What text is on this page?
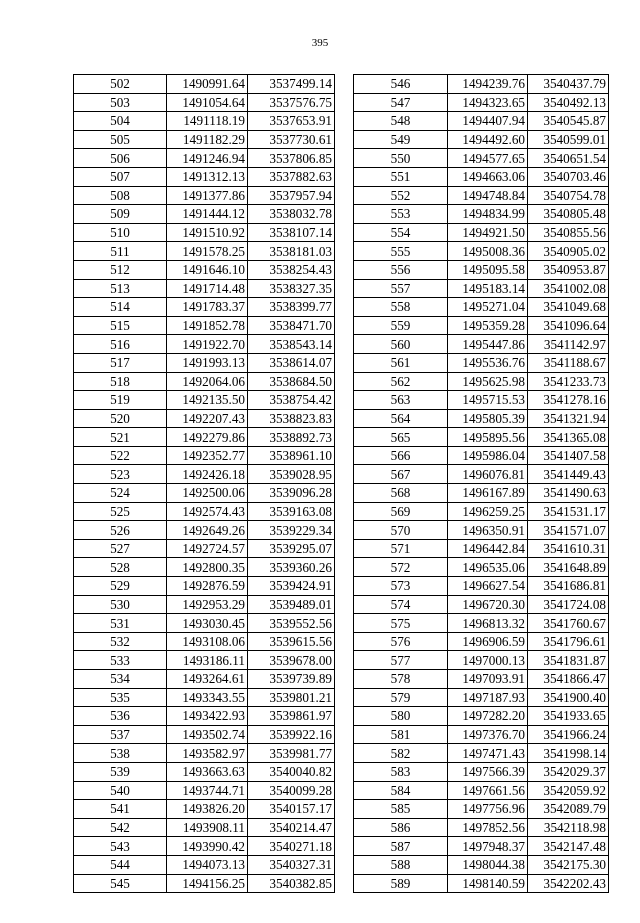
395
502	1490991.64	3537499.14
503	1491054.64	3537576.75
504	1491118.19	3537653.91
505	1491182.29	3537730.61
506	1491246.94	3537806.85
507	1491312.13	3537882.63
508	1491377.86	3537957.94
509	1491444.12	3538032.78
510	1491510.92	3538107.14
511	1491578.25	3538181.03
512	1491646.10	3538254.43
513	1491714.48	3538327.35
514	1491783.37	3538399.77
515	1491852.78	3538471.70
516	1491922.70	3538543.14
517	1491993.13	3538614.07
518	1492064.06	3538684.50
519	1492135.50	3538754.42
520	1492207.43	3538823.83
521	1492279.86	3538892.73
522	1492352.77	3538961.10
523	1492426.18	3539028.95
524	1492500.06	3539096.28
525	1492574.43	3539163.08
526	1492649.26	3539229.34
527	1492724.57	3539295.07
528	1492800.35	3539360.26
529	1492876.59	3539424.91
530	1492953.29	3539489.01
531	1493030.45	3539552.56
532	1493108.06	3539615.56
533	1493186.11	3539678.00
534	1493264.61	3539739.89
535	1493343.55	3539801.21
536	1493422.93	3539861.97
537	1493502.74	3539922.16
538	1493582.97	3539981.77
539	1493663.63	3540040.82
540	1493744.71	3540099.28
541	1493826.20	3540157.17
542	1493908.11	3540214.47
543	1493990.42	3540271.18
544	1494073.13	3540327.31
545	1494156.25	3540382.85
546	1494239.76	3540437.79
547	1494323.65	3540492.13
548	1494407.94	3540545.87
549	1494492.60	3540599.01
550	1494577.65	3540651.54
551	1494663.06	3540703.46
552	1494748.84	3540754.78
553	1494834.99	3540805.48
554	1494921.50	3540855.56
555	1495008.36	3540905.02
556	1495095.58	3540953.87
557	1495183.14	3541002.08
558	1495271.04	3541049.68
559	1495359.28	3541096.64
560	1495447.86	3541142.97
561	1495536.76	3541188.67
562	1495625.98	3541233.73
563	1495715.53	3541278.16
564	1495805.39	3541321.94
565	1495895.56	3541365.08
566	1495986.04	3541407.58
567	1496076.81	3541449.43
568	1496167.89	3541490.63
569	1496259.25	3541531.17
570	1496350.91	3541571.07
571	1496442.84	3541610.31
572	1496535.06	3541648.89
573	1496627.54	3541686.81
574	1496720.30	3541724.08
575	1496813.32	3541760.67
576	1496906.59	3541796.61
577	1497000.13	3541831.87
578	1497093.91	3541866.47
579	1497187.93	3541900.40
580	1497282.20	3541933.65
581	1497376.70	3541966.24
582	1497471.43	3541998.14
583	1497566.39	3542029.37
584	1497661.56	3542059.92
585	1497756.96	3542089.79
586	1497852.56	3542118.98
587	1497948.37	3542147.48
588	1498044.38	3542175.30
589	1498140.59	3542202.43
